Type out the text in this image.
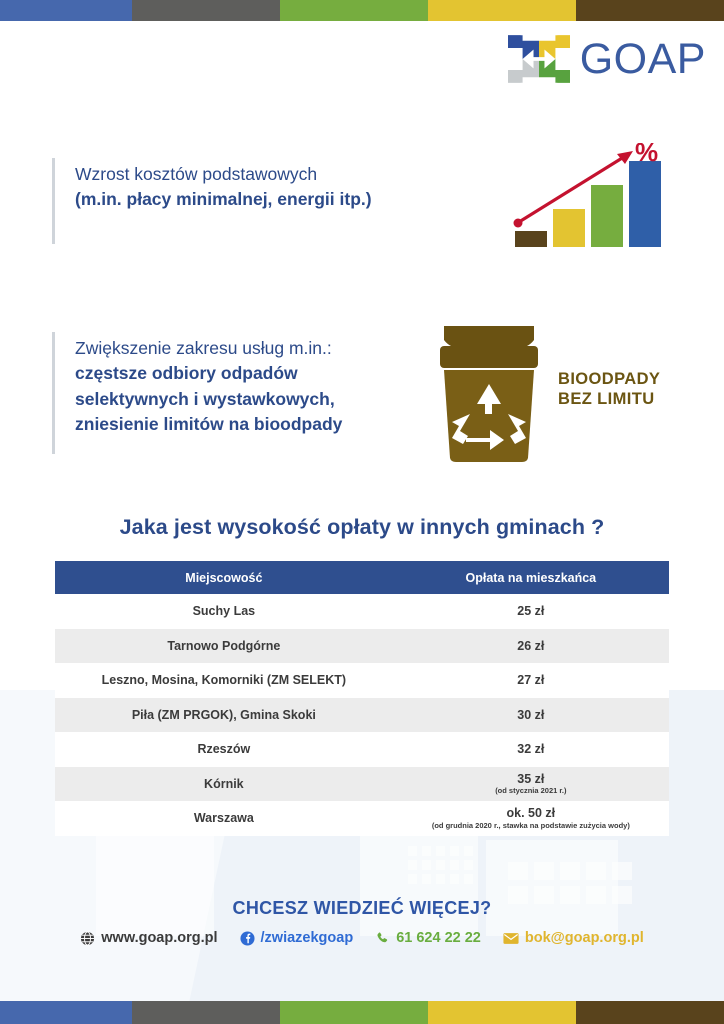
GOAP
Wzrost kosztów podstawowych
(m.in. płacy minimalnej, energii itp.)
%
Zwiększenie zakresu usług m.in.:
częstsze odbiory odpadów
selektywnych i wystawkowych,
zniesienie limitów na bioodpady
BIOODPADY
BEZ LIMITU
Jaka jest wysokość opłaty w innych gminach ?
Miejscowość	Opłata na mieszkańca
Suchy Las	25 zł
Tarnowo Podgórne	26 zł
Leszno, Mosina, Komorniki (ZM SELEKT)	27 zł
Piła (ZM PRGOK), Gmina Skoki	30 zł
Rzeszów	32 zł
Kórnik	35 zł
(od stycznia 2021 r.)
Warszawa	ok. 50 zł
(od grudnia 2020 r., stawka na podstawie zużycia wody)
CHCESZ WIEDZIEĆ WIĘCEJ?
www.goap.org.pl	/zwiazekgoap	61 624 22 22	bok@goap.org.pl
